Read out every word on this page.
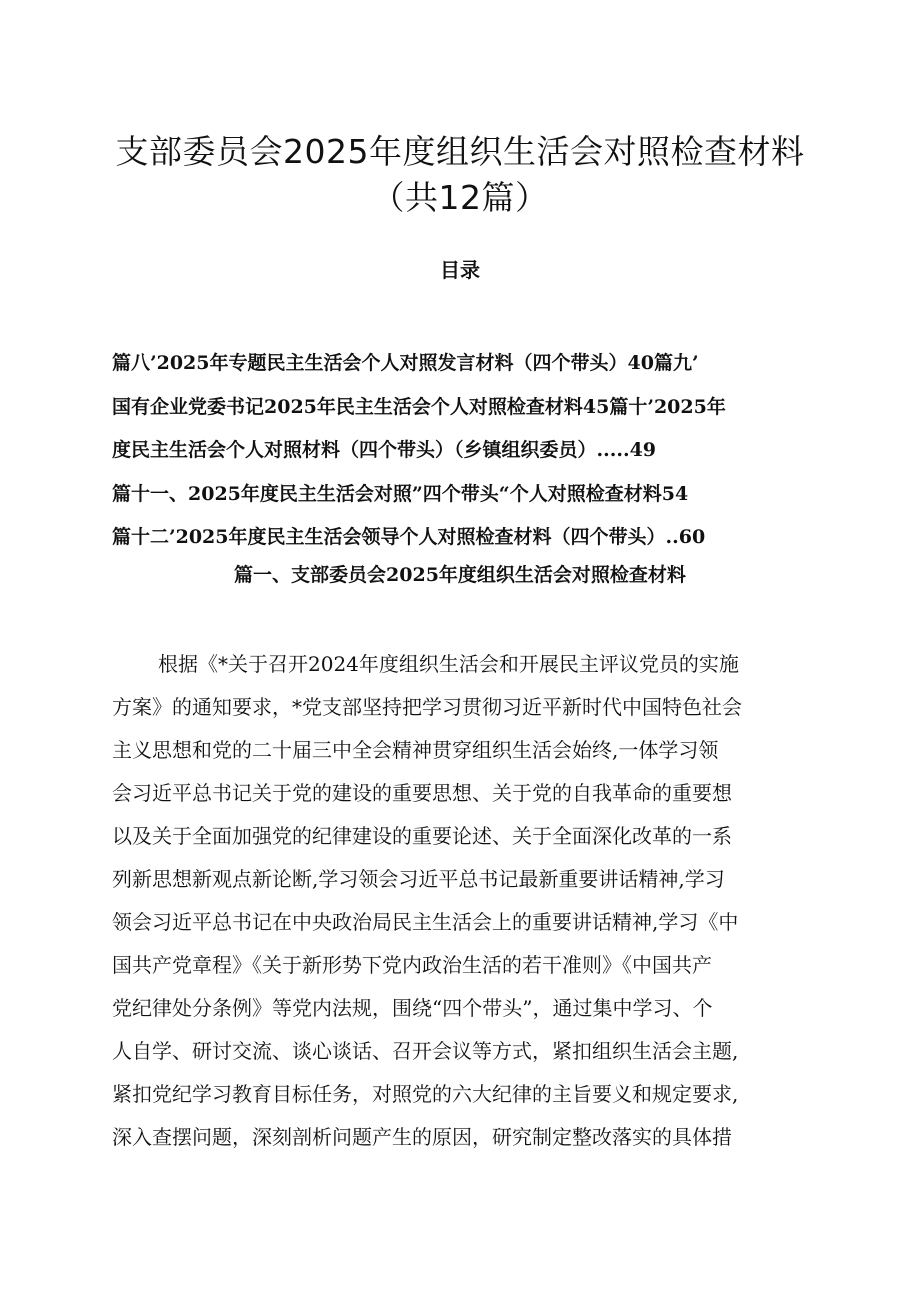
支部委员会2025年度组织生活会对照检查材料
（共12篇）
目录
篇八’2025年专题民主生活会个人对照发言材料（四个带头）40篇九’
国有企业党委书记2025年民主生活会个人对照检查材料45篇十’2025年
度民主生活会个人对照材料（四个带头）（乡镇组织委员）.....49
篇十一、2025年度民主生活会对照”四个带头“个人对照检查材料54
篇十二’2025年度民主生活会领导个人对照检查材料（四个带头）..60
篇一、支部委员会2025年度组织生活会对照检查材料
根据《*关于召开2024年度组织生活会和开展民主评议党员的实施
方案》的通知要求，*党支部坚持把学习贯彻习近平新时代中国特色社会
主义思想和党的二十届三中全会精神贯穿组织生活会始终,一体学习领
会习近平总书记关于党的建设的重要思想、关于党的自我革命的重要想
以及关于全面加强党的纪律建设的重要论述、关于全面深化改革的一系
列新思想新观点新论断,学习领会习近平总书记最新重要讲话精神,学习
领会习近平总书记在中央政治局民主生活会上的重要讲话精神,学习《中
国共产党章程》《关于新形势下党内政治生活的若干准则》《中国共产
党纪律处分条例》等党内法规，围绕“四个带头”，通过集中学习、个
人自学、研讨交流、谈心谈话、召开会议等方式，紧扣组织生活会主题,
紧扣党纪学习教育目标任务，对照党的六大纪律的主旨要义和规定要求,
深入查摆问题，深刻剖析问题产生的原因，研究制定整改落实的具体措
